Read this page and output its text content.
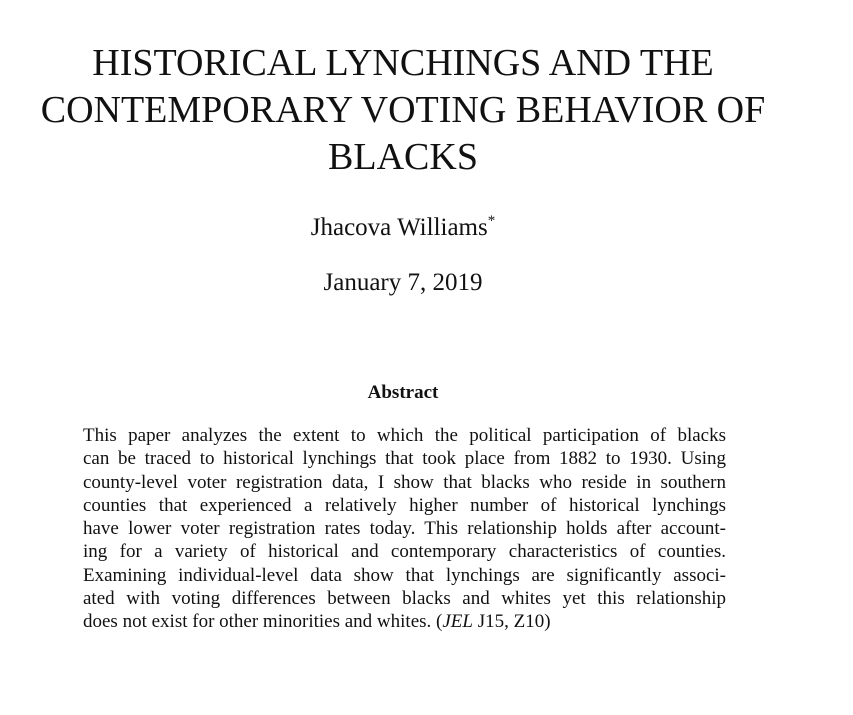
HISTORICAL LYNCHINGS AND THE
CONTEMPORARY VOTING BEHAVIOR OF
BLACKS
Jhacova Williams*
January 7, 2019
Abstract
This paper analyzes the extent to which the political participation of blacks
can be traced to historical lynchings that took place from 1882 to 1930. Using
county-level voter registration data, I show that blacks who reside in southern
counties that experienced a relatively higher number of historical lynchings
have lower voter registration rates today. This relationship holds after account-
ing for a variety of historical and contemporary characteristics of counties.
Examining individual-level data show that lynchings are significantly associ-
ated with voting differences between blacks and whites yet this relationship
does not exist for other minorities and whites. (JEL J15, Z10)
